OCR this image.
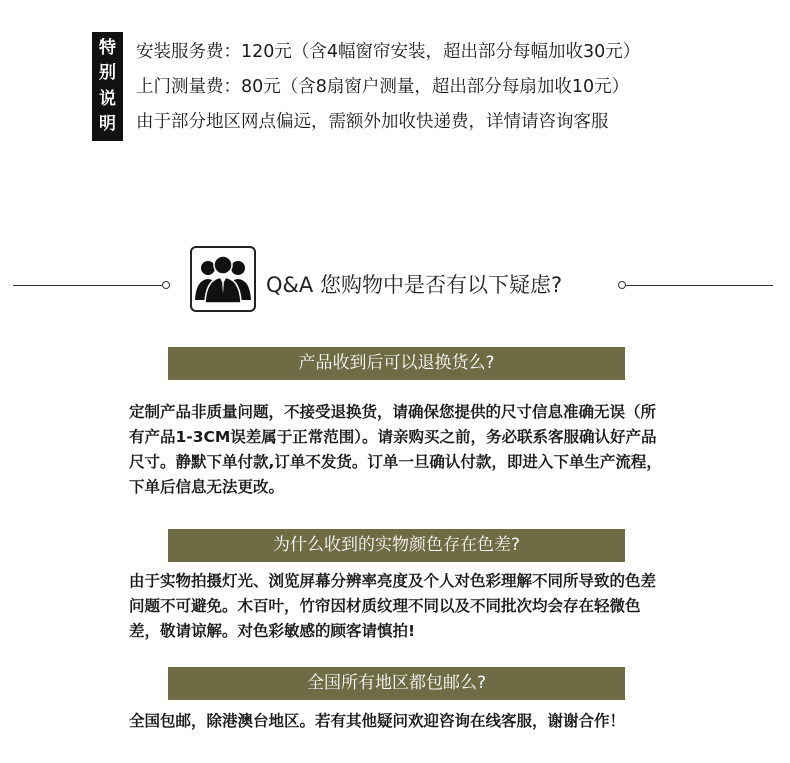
特
别
说
明
安装服务费：120元（含4幅窗帘安装，超出部分每幅加收30元）
上门测量费：80元（含8扇窗户测量，超出部分每扇加收10元）
由于部分地区网点偏远，需额外加收快递费，详情请咨询客服
Q&A 您购物中是否有以下疑虑?
产品收到后可以退换货么?
定制产品非质量问题，不接受退换货，请确保您提供的尺寸信息准确无误（所有产品1-3CM误差属于正常范围）。请亲购买之前，务必联系客服确认好产品尺寸。静默下单付款,订单不发货。订单一旦确认付款，即进入下单生产流程，下单后信息无法更改。
为什么收到的实物颜色存在色差?
由于实物拍摄灯光、浏览屏幕分辨率亮度及个人对色彩理解不同所导致的色差问题不可避免。木百叶，竹帘因材质纹理不同以及不同批次均会存在轻微色差，敬请谅解。对色彩敏感的顾客请慎拍!
全国所有地区都包邮么?
全国包邮，除港澳台地区。若有其他疑问欢迎咨询在线客服，谢谢合作！
